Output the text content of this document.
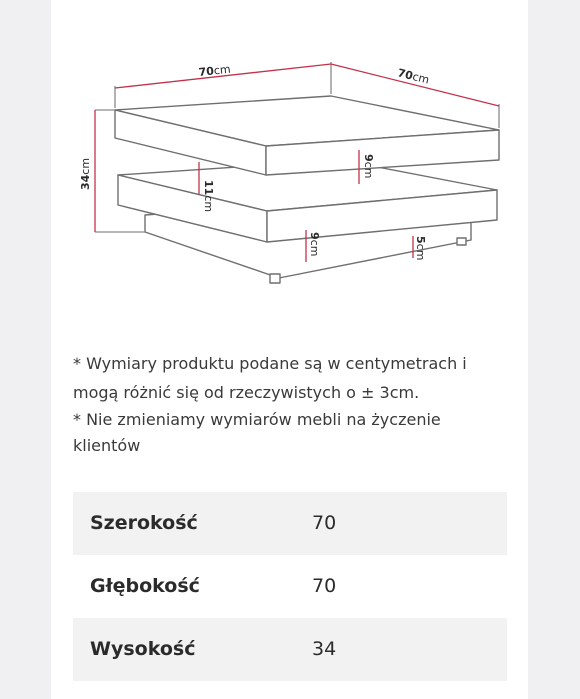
70cm	70cm
34cm
11cm
9cm
9cm	5cm
* Wymiary produktu podane są w centymetrach i
mogą różnić się od rzeczywistych o ± 3cm.
* Nie zmieniamy wymiarów mebli na życzenie
klientów
Szerokość	70
Głębokość	70
Wysokość	34
